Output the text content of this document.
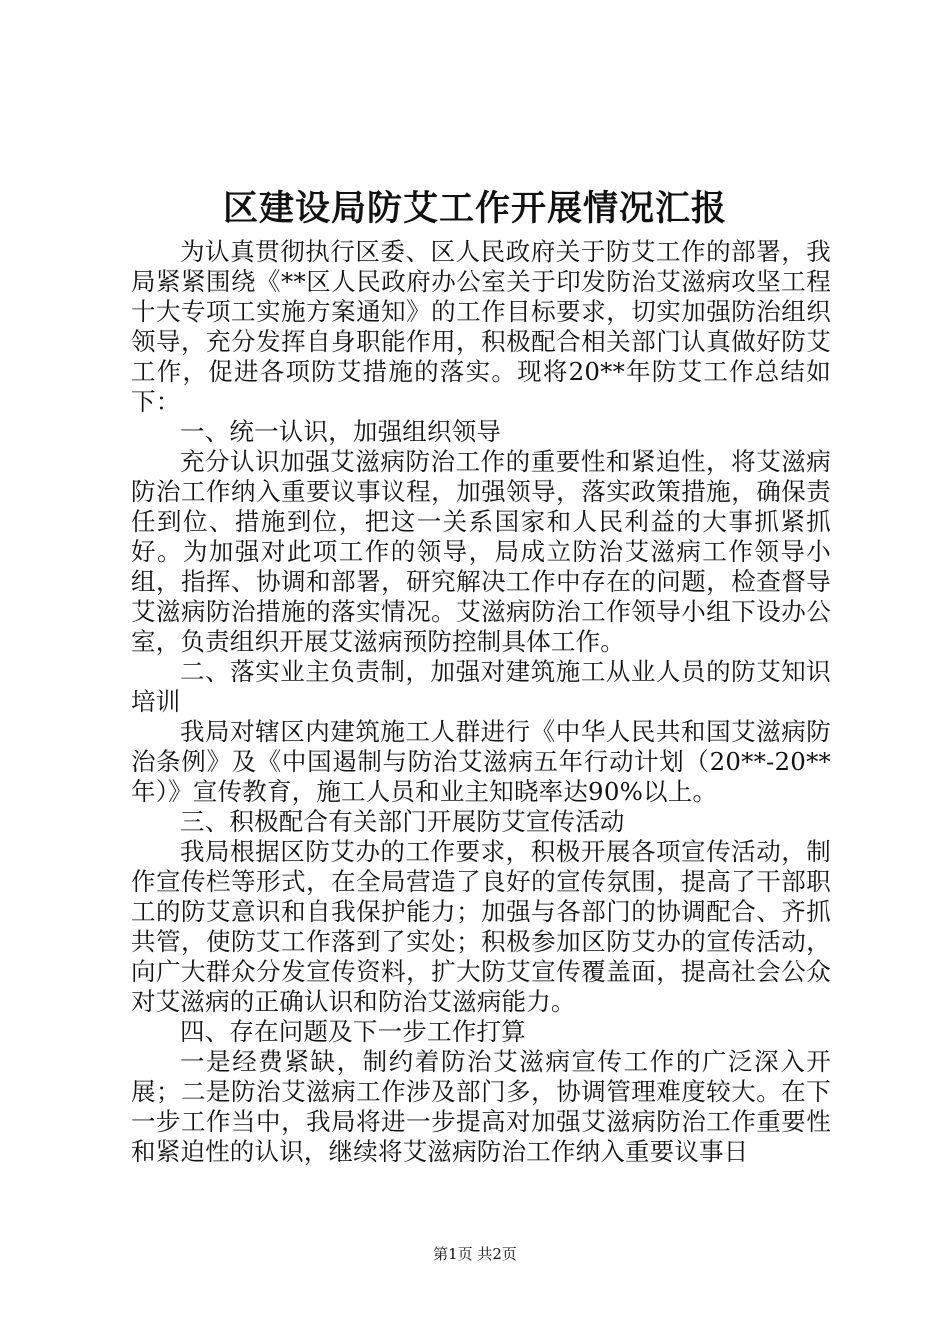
区建设局防艾工作开展情况汇报

为认真贯彻执行区委、区人民政府关于防艾工作的部署，我局紧紧围绕《**区人民政府办公室关于印发防治艾滋病攻坚工程十大专项工实施方案通知》的工作目标要求，切实加强防治组织领导，充分发挥自身职能作用，积极配合相关部门认真做好防艾工作，促进各项防艾措施的落实。现将20**年防艾工作总结如下：

一、统一认识，加强组织领导

充分认识加强艾滋病防治工作的重要性和紧迫性，将艾滋病防治工作纳入重要议事议程，加强领导，落实政策措施，确保责任到位、措施到位，把这一关系国家和人民利益的大事抓紧抓好。为加强对此项工作的领导，局成立防治艾滋病工作领导小组，指挥、协调和部署，研究解决工作中存在的问题，检查督导艾滋病防治措施的落实情况。艾滋病防治工作领导小组下设办公室，负责组织开展艾滋病预防控制具体工作。

二、落实业主负责制，加强对建筑施工从业人员的防艾知识培训

我局对辖区内建筑施工人群进行《中华人民共和国艾滋病防治条例》及《中国遏制与防治艾滋病五年行动计划（20**-20**年）》宣传教育，施工人员和业主知晓率达90%以上。

三、积极配合有关部门开展防艾宣传活动

我局根据区防艾办的工作要求，积极开展各项宣传活动，制作宣传栏等形式，在全局营造了良好的宣传氛围，提高了干部职工的防艾意识和自我保护能力；加强与各部门的协调配合、齐抓共管，使防艾工作落到了实处；积极参加区防艾办的宣传活动，向广大群众分发宣传资料，扩大防艾宣传覆盖面，提高社会公众对艾滋病的正确认识和防治艾滋病能力。

四、存在问题及下一步工作打算

一是经费紧缺，制约着防治艾滋病宣传工作的广泛深入开展；二是防治艾滋病工作涉及部门多，协调管理难度较大。在下一步工作当中，我局将进一步提高对加强艾滋病防治工作重要性和紧迫性的认识，继续将艾滋病防治工作纳入重要议事日

第1页 共2页
